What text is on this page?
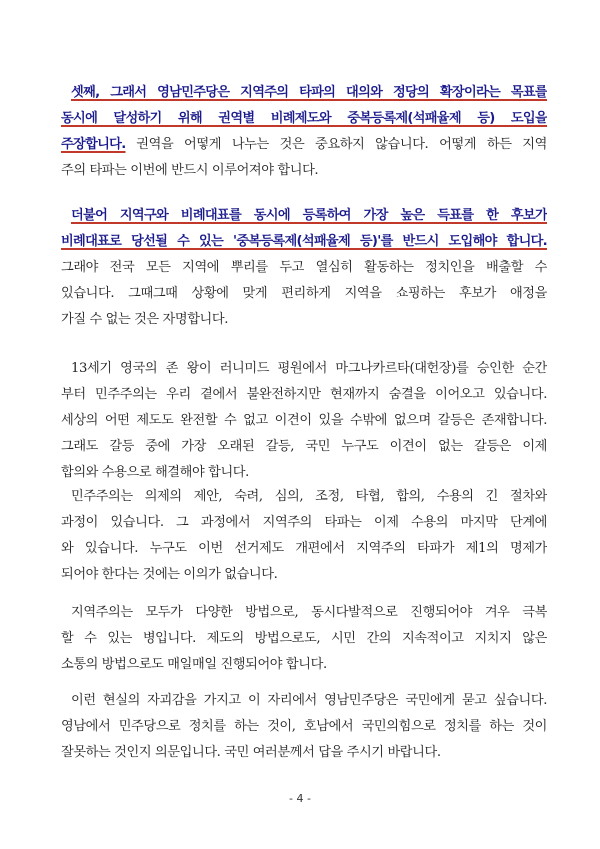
셋째, 그래서 영남민주당은 지역주의 타파의 대의와 정당의 확장이라는 목표를
동시에 달성하기 위해 권역별 비례제도와 중복등록제(석패율제 등) 도입을
주장합니다. 권역을 어떻게 나누는 것은 중요하지 않습니다. 어떻게 하든 지역
주의 타파는 이번에 반드시 이루어져야 합니다.
더불어 지역구와 비례대표를 동시에 등록하여 가장 높은 득표를 한 후보가
비례대표로 당선될 수 있는 '중복등록제(석패율제 등)'를 반드시 도입해야 합니다.
그래야 전국 모든 지역에 뿌리를 두고 열심히 활동하는 정치인을 배출할 수
있습니다. 그때그때 상황에 맞게 편리하게 지역을 쇼핑하는 후보가 애정을
가질 수 없는 것은 자명합니다.
13세기 영국의 존 왕이 러니미드 평원에서 마그나카르타(대헌장)를 승인한 순간
부터 민주주의는 우리 곁에서 불완전하지만 현재까지 숨결을 이어오고 있습니다.
세상의 어떤 제도도 완전할 수 없고 이견이 있을 수밖에 없으며 갈등은 존재합니다.
그래도 갈등 중에 가장 오래된 갈등, 국민 누구도 이견이 없는 갈등은 이제
합의와 수용으로 해결해야 합니다.
민주주의는 의제의 제안, 숙려, 심의, 조정, 타협, 합의, 수용의 긴 절차와
과정이 있습니다. 그 과정에서 지역주의 타파는 이제 수용의 마지막 단계에
와 있습니다. 누구도 이번 선거제도 개편에서 지역주의 타파가 제1의 명제가
되어야 한다는 것에는 이의가 없습니다.
지역주의는 모두가 다양한 방법으로, 동시다발적으로 진행되어야 겨우 극복
할 수 있는 병입니다. 제도의 방법으로도, 시민 간의 지속적이고 지치지 않은
소통의 방법으로도 매일매일 진행되어야 합니다.
이런 현실의 자괴감을 가지고 이 자리에서 영남민주당은 국민에게 묻고 싶습니다.
영남에서 민주당으로 정치를 하는 것이, 호남에서 국민의힘으로 정치를 하는 것이
잘못하는 것인지 의문입니다. 국민 여러분께서 답을 주시기 바랍니다.
- 4 -
